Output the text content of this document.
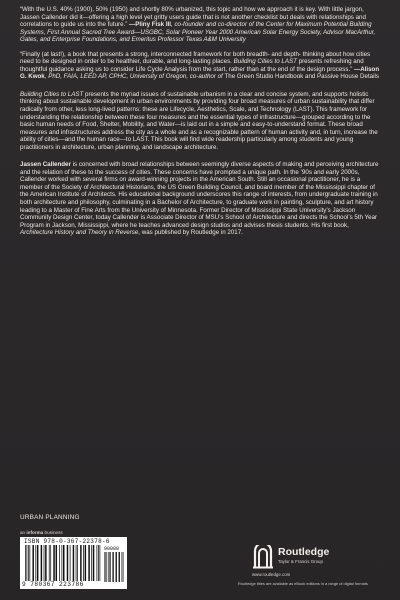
“With the U.S. 40% (1900), 50% (1950) and shortly 80% urbanized, this topic and how we approach it is key. With little jargon, Jassen Callender did it—offering a high level yet gritty users guide that is not another checklist but deals with relationships and correlations to guide us into the future.” —Pliny Fisk III, co-founder and co-director of the Center for Maximum Potential Building Systems, First Annual Sacred Tree Award—USGBC, Solar Pioneer Year 2000 American Solar Energy Society, Advisor MacArthur, Gates, and Enterprise Foundations, and Emeritus Professor Texas A&M University

“Finally (at last!), a book that presents a strong, interconnected framework for both breadth- and depth- thinking about how cities need to be designed in order to be healthier, durable, and long-lasting places. Building Cities to LAST presents refreshing and thoughtful guidance asking us to consider Life Cycle Analysis from the start, rather than at the end of the design process.” —Alison G. Kwok, PhD, FAIA, LEED AP, CPHC, University of Oregon, co-author of The Green Studio Handbook and Passive House Details

Building Cities to LAST presents the myriad issues of sustainable urbanism in a clear and concise system, and supports holistic thinking about sustainable development in urban environments by providing four broad measures of urban sustainability that differ radically from other, less long-lived patterns: these are Lifecycle, Aesthetics, Scale, and Technology (LAST). This framework for understanding the relationship between these four measures and the essential types of infrastructure—grouped according to the basic human needs of Food, Shelter, Mobility, and Water—is laid out in a simple and easy-to-understand format. These broad measures and infrastructures address the city as a whole and as a recognizable pattern of human activity and, in turn, increase the ability of cities—and the human race—to LAST. This book will find wide readership particularly among students and young practitioners in architecture, urban planning, and landscape architecture.

Jassen Callender is concerned with broad relationships between seemingly diverse aspects of making and perceiving architecture and the relation of these to the success of cities. These concerns have prompted a unique path. In the ’90s and early 2000s, Callender worked with several firms on award-winning projects in the American South. Still an occasional practitioner, he is a member of the Society of Architectural Historians, the US Green Building Council, and board member of the Mississippi chapter of the American Institute of Architects. His educational background underscores this range of interests, from undergraduate training in both architecture and philosophy, culminating in a Bachelor of Architecture, to graduate work in painting, sculpture, and art history leading to a Master of Fine Arts from the University of Minnesota. Former Director of Mississippi State University’s Jackson Community Design Center, today Callender is Associate Director of MSU’s School of Architecture and directs the School’s 5th Year Program in Jackson, Mississippi, where he teaches advanced design studios and advises thesis students. His first book, Architecture History and Theory in Reverse, was published by Routledge in 2017.

URBAN PLANNING
an informa business
ISBN 978-0-367-22378-6
90000
9 780367 223786
Routledge
Taylor & Francis Group
www.routledge.com
Routledge titles are available as eBook editions in a range of digital formats
